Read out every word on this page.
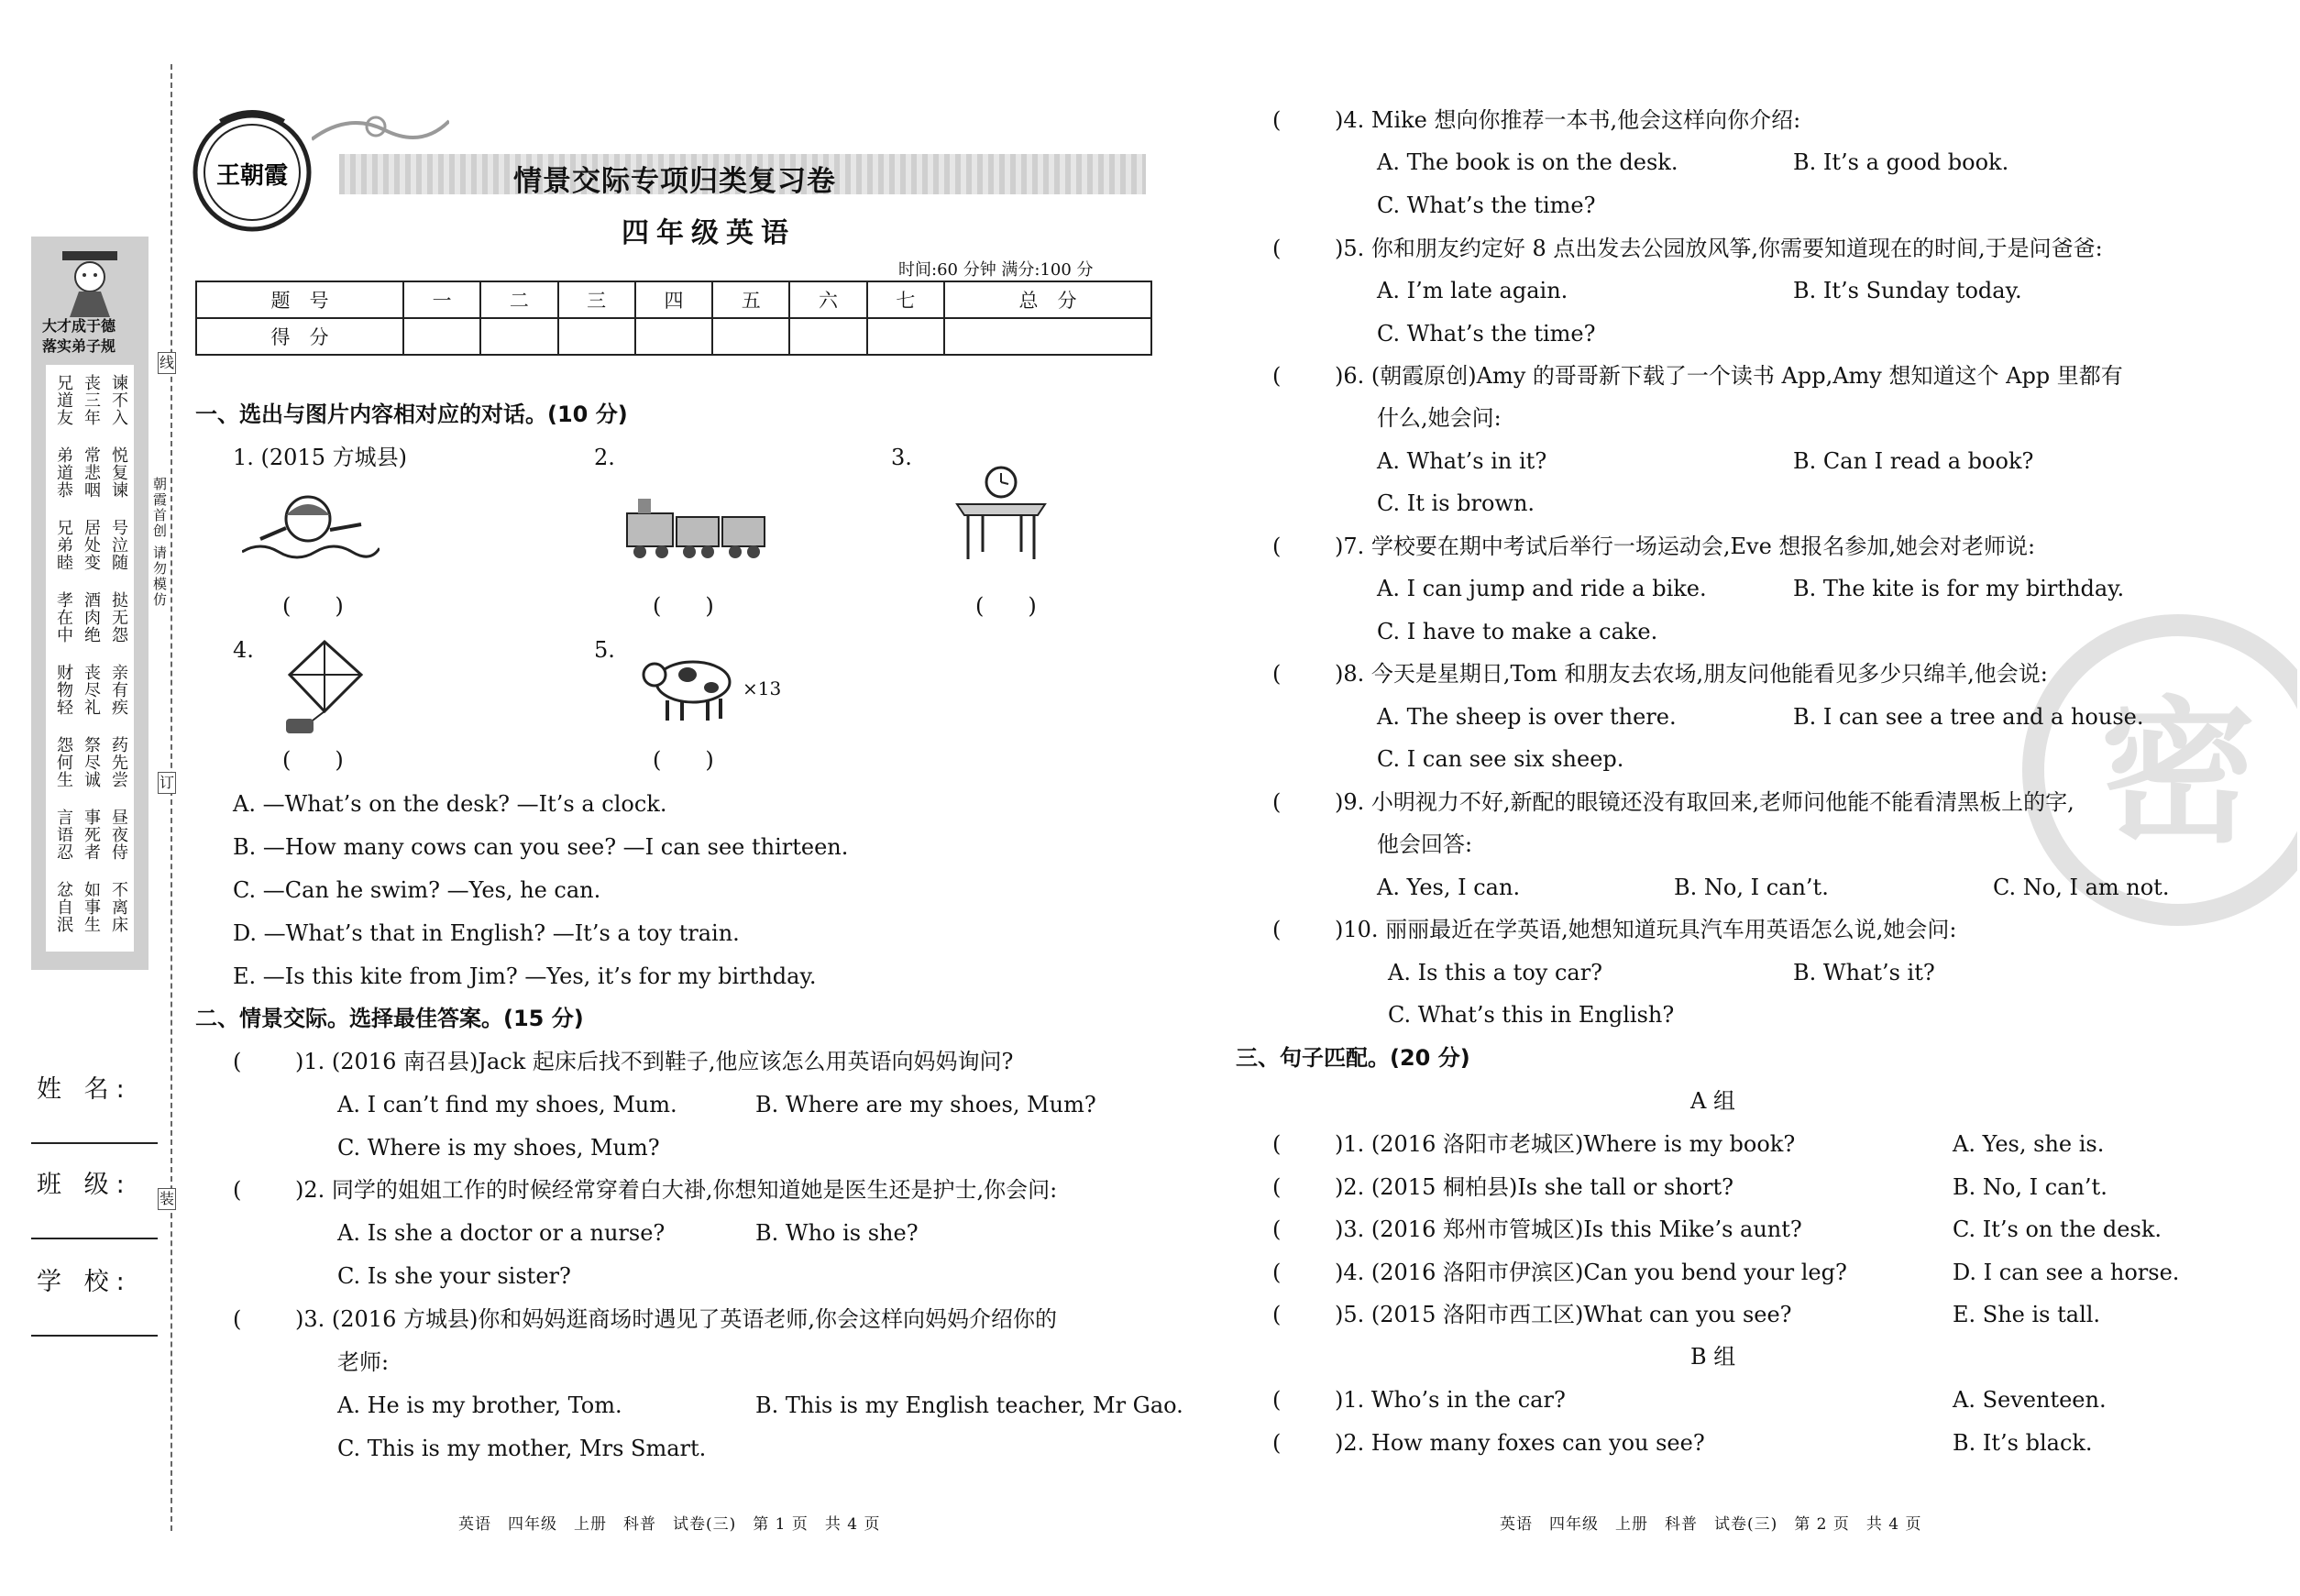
大才成于德
落实弟子规
兄道友 丧三年 谏不入
弟道恭 常悲咽 悦复谏
兄弟睦 居处变 号泣随
孝在中 酒肉绝 挞无怨
财物轻 丧尽礼 亲有疾
怨何生 祭尽诚 药先尝
言语忍 事死者 昼夜侍
忿自泯 如事生 不离床
线
订
装
朝霞首创 请勿模仿
姓 名:
班 级:
学 校:
王朝霞	情景交际专项归类复习卷
四年级英语
时间:60 分钟 满分:100 分
题　号	一	二	三	四	五	六	七	总　分
得　分								
一、选出与图片内容相对应的对话。(10 分)
1. (2015 方城县)	2.	3.
4.	5.
×13
(　　)	(　　)	(　　)
(　　)	(　　)
A. —What’s on the desk? —It’s a clock.
B. —How many cows can you see? —I can see thirteen.
C. —Can he swim? —Yes, he can.
D. —What’s that in English? —It’s a toy train.
E. —Is this kite from Jim? —Yes, it’s for my birthday.
二、情景交际。选择最佳答案。(15 分)
(　　 )1. (2016 南召县)Jack 起床后找不到鞋子,他应该怎么用英语向妈妈询问?
A. I can’t find my shoes, Mum.	B. Where are my shoes, Mum?
C. Where is my shoes, Mum?
(　　 )2. 同学的姐姐工作的时候经常穿着白大褂,你想知道她是医生还是护士,你会问:
A. Is she a doctor or a nurse?	B. Who is she?
C. Is she your sister?
(　　 )3. (2016 方城县)你和妈妈逛商场时遇见了英语老师,你会这样向妈妈介绍你的
老师:
A. He is my brother, Tom.	B. This is my English teacher, Mr Gao.
C. This is my mother, Mrs Smart.
英语　四年级　上册　科普　试卷(三)　第 1 页　共 4 页
密
(　　 )4. Mike 想向你推荐一本书,他会这样向你介绍:
A. The book is on the desk.	B. It’s a good book.
C. What’s the time?
(　　 )5. 你和朋友约定好 8 点出发去公园放风筝,你需要知道现在的时间,于是问爸爸:
A. I’m late again.	B. It’s Sunday today.
C. What’s the time?
(　　 )6. (朝霞原创)Amy 的哥哥新下载了一个读书 App,Amy 想知道这个 App 里都有
什么,她会问:
A. What’s in it?	B. Can I read a book?
C. It is brown.
(　　 )7. 学校要在期中考试后举行一场运动会,Eve 想报名参加,她会对老师说:
A. I can jump and ride a bike.	B. The kite is for my birthday.
C. I have to make a cake.
(　　 )8. 今天是星期日,Tom 和朋友去农场,朋友问他能看见多少只绵羊,他会说:
A. The sheep is over there.	B. I can see a tree and a house.
C. I can see six sheep.
(　　 )9. 小明视力不好,新配的眼镜还没有取回来,老师问他能不能看清黑板上的字,
他会回答:
A. Yes, I can.	B. No, I can’t.	C. No, I am not.
(　　 )10. 丽丽最近在学英语,她想知道玩具汽车用英语怎么说,她会问:
A. Is this a toy car?	B. What’s it?
C. What’s this in English?
三、句子匹配。(20 分)
A 组
(　　 )1. (2016 洛阳市老城区)Where is my book?	A. Yes, she is.
(　　 )2. (2015 桐柏县)Is she tall or short?	B. No, I can’t.
(　　 )3. (2016 郑州市管城区)Is this Mike’s aunt?	C. It’s on the desk.
(　　 )4. (2016 洛阳市伊滨区)Can you bend your leg?	D. I can see a horse.
(　　 )5. (2015 洛阳市西工区)What can you see?	E. She is tall.
B 组
(　　 )1. Who’s in the car?	A. Seventeen.
(　　 )2. How many foxes can you see?	B. It’s black.
英语　四年级　上册　科普　试卷(三)　第 2 页　共 4 页
